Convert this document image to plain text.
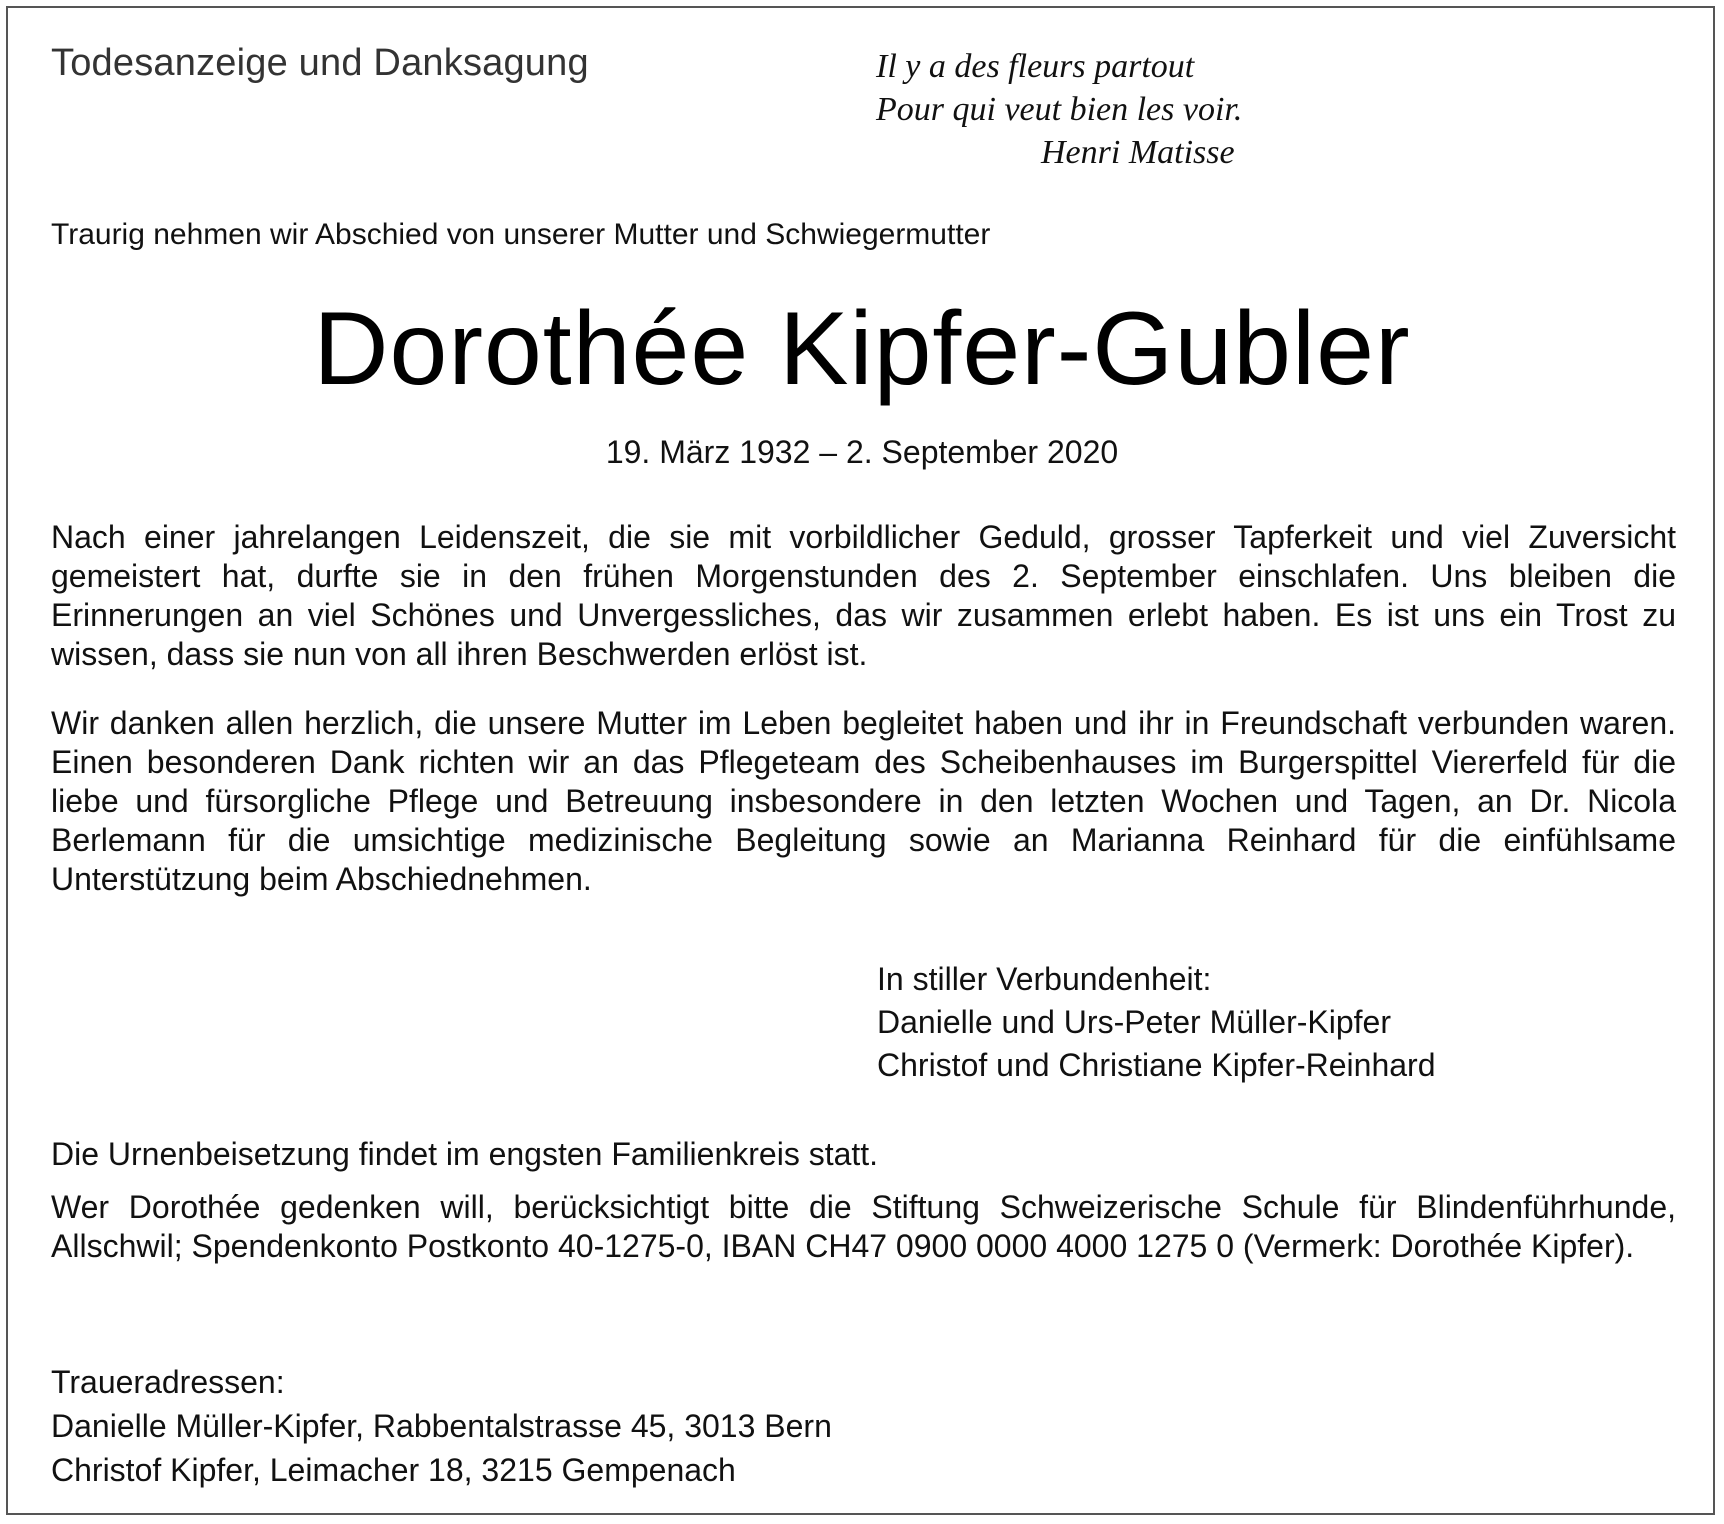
Todesanzeige und Danksagung	Il y a des fleurs partout
Pour qui veut bien les voir.
Henri Matisse
Traurig nehmen wir Abschied von unserer Mutter und Schwiegermutter
Dorothée Kipfer-Gubler
19. März 1932 – 2. September 2020

Nach einer jahrelangen Leidenszeit, die sie mit vorbildlicher Geduld, grosser Tapferkeit und viel Zuversicht gemeistert hat, durfte sie in den frühen Morgenstunden des 2. September einschlafen. Uns bleiben die Erinnerungen an viel Schönes und Unvergessliches, das wir zusammen erlebt haben. Es ist uns ein Trost zu wissen, dass sie nun von all ihren Beschwerden erlöst ist.

Wir danken allen herzlich, die unsere Mutter im Leben begleitet haben und ihr in Freundschaft verbunden waren. Einen besonderen Dank richten wir an das Pflegeteam des Scheibenhauses im Burgerspittel Viererfeld für die liebe und fürsorgliche Pflege und Betreuung insbesondere in den letzten Wochen und Tagen, an Dr. Nicola Berlemann für die umsichtige medizinische Begleitung sowie an Marianna Reinhard für die einfühlsame Unterstützung beim Abschiednehmen.

In stiller Verbundenheit:
Danielle und Urs-Peter Müller-Kipfer
Christof und Christiane Kipfer-Reinhard
Die Urnenbeisetzung findet im engsten Familienkreis statt.

Wer Dorothée gedenken will, berücksichtigt bitte die Stiftung Schweizerische Schule für Blindenführhunde, Allschwil; Spendenkonto Postkonto 40-1275-0, IBAN CH47 0900 0000 4000 1275 0 (Vermerk: Dorothée Kipfer).

Traueradressen:
Danielle Müller-Kipfer, Rabbentalstrasse 45, 3013 Bern
Christof Kipfer, Leimacher 18, 3215 Gempenach
